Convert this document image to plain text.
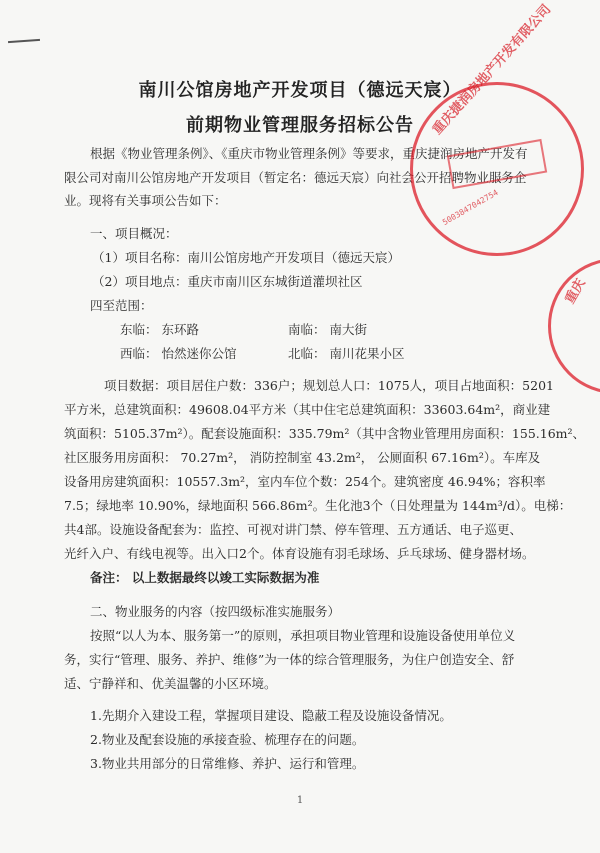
南川公馆房地产开发项目（德远天宸）
前期物业管理服务招标公告
根据《物业管理条例》、《重庆市物业管理条例》等要求，重庆捷润房地产开发有
限公司对南川公馆房地产开发项目（暂定名：德远天宸）向社会公开招聘物业服务企
业。现将有关事项公告如下：
一、项目概况：
（1）项目名称：南川公馆房地产开发项目（德远天宸）
（2）项目地点：重庆市南川区东城街道灌坝社区
四至范围：
东临： 东环路	南临： 南大街
西临： 怡然迷你公馆	北临： 南川花果小区
项目数据：项目居住户数：336户；规划总人口：1075人，项目占地面积：5201
平方米，总建筑面积：49608.04平方米（其中住宅总建筑面积：33603.64m²，商业建
筑面积：5105.37m²）。配套设施面积：335.79m²（其中含物业管理用房面积：155.16m²、
社区服务用房面积： 70.27m²， 消防控制室 43.2m²， 公厕面积 67.16m²）。车库及
设备用房建筑面积：10557.3m²，室内车位个数：254个。建筑密度 46.94%；容积率
7.5；绿地率 10.90%，绿地面积 566.86m²。生化池3个（日处理量为 144m³/d）。电梯：
共4部。设施设备配套为：监控、可视对讲门禁、停车管理、五方通话、电子巡更、
光纤入户、有线电视等。出入口2个。体育设施有羽毛球场、乒乓球场、健身器材场。
备注： 以上数据最终以竣工实际数据为准
二、物业服务的内容（按四级标准实施服务）
按照“以人为本、服务第一”的原则，承担项目物业管理和设施设备使用单位义
务，实行“管理、服务、养护、维修”为一体的综合管理服务，为住户创造安全、舒
适、宁静祥和、优美温馨的小区环境。
1.先期介入建设工程，掌握项目建设、隐蔽工程及设施设备情况。
2.物业及配套设施的承接查验、梳理存在的问题。
3.物业共用部分的日常维修、养护、运行和管理。
重庆捷润房地产开发有限公司
5003847042754
重庆
1
